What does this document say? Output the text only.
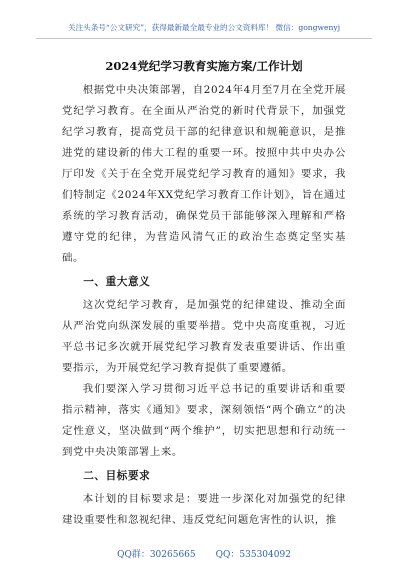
关注头条号“公文研究”，获得最新最全最专业的公文资料库！ 微信：gongwenyj
2024党纪学习教育实施方案/工作计划

根据党中央决策部署，自2024年4月至7月在全党开展党纪学习教育。在全面从严治党的新时代背景下，加强党纪学习教育，提高党员干部的纪律意识和规範意识，是推进党的建设新的伟大工程的重要一环。按照中共中央办公厅印发《关于在全党开展党纪学习教育的通知》要求，我们特制定《2024年XX党纪学习教育工作计划》，旨在通过系统的学习教育活动，确保党员干部能够深入理解和严格遵守党的纪律，为营造风清气正的政治生态奠定坚实基础。

一、重大意义

这次党纪学习教育，是加强党的纪律建设、推动全面从严治党向纵深发展的重要举措。党中央高度重视，习近平总书记多次就开展党纪学习教育发表重要讲话、作出重要指示，为开展党纪学习教育提供了重要遵循。

我们要深入学习贯彻习近平总书记的重要讲话和重要指示精神，落实《通知》要求，深刻领悟“两个确立”的决定性意义，坚决做到“两个维护”，切实把思想和行动统一到党中央决策部署上来。

二、目标要求

本计划的目标要求是：要进一步深化对加强党的纪律建设重要性和忽视纪律、违反党纪问题危害性的认识，推

QQ群：30265665 QQ：535304092
